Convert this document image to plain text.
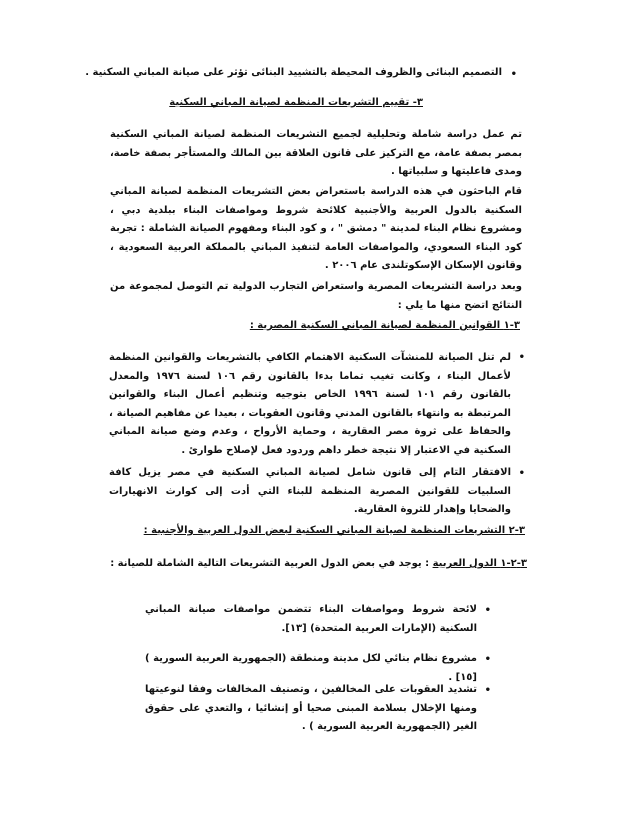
•
التصميم البنائى والظروف المحيطة بالتشييد البنائى تؤثر على صيانة المباني السكنية .
٣- تقييم التشريعات المنظمة لصيانة المباني السكنية

تم عمل دراسة شاملة وتحليلية لجميع التشريعات المنظمة لصيانة المباني السكنية بمصر بصفة عامة، مع التركيز على قانون العلاقة بين المالك والمستأجر بصفة خاصة، ومدى فاعليتها و سلبياتها .

قام الباحثون في هذه الدراسة باستعراض بعض التشريعات المنظمة لصيانة المباني السكنية بالدول العربية والأجنبية كلائحة شروط ومواصفات البناء ببلدية دبي ، ومشروع نظام البناء لمدينة " دمشق " ، و كود البناء ومفهوم الصيانة الشاملة : تجربة كود البناء السعودي، والمواصفات العامة لتنفيذ المباني بالمملكة العربية السعودية ، وقانون الإسكان الإسكوتلندى عام ٢٠٠٦ .

وبعد دراسة التشريعات المصرية واستعراض التجارب الدولية تم التوصل لمجموعة من النتائج اتضح منها ما يلي :

٣-١ القوانين المنظمة لصيانة المباني السكنية المصرية :
•
لم تنل الصيانة للمنشآت السكنية الاهتمام الكافي بالتشريعات والقوانين المنظمة لأعمال البناء ، وكانت تغيب تماما بدءا بالقانون رقم ١٠٦ لسنة ١٩٧٦ والمعدل بالقانون رقم ١٠١ لسنة ١٩٩٦ الخاص بتوجيه وتنظيم أعمال البناء والقوانين المرتبطة به وانتهاء بالقانون المدني وقانون العقوبات ، بعيدا عن مفاهيم الصيانة ، والحفاظ على ثروة مصر العقارية ، وحماية الأرواح ، وعدم وضع صيانة المباني السكنية في الاعتبار إلا نتيجة خطر داهم وردود فعل لإصلاح طوارئ .
•
الافتقار التام إلى قانون شامل لصيانة المباني السكنية في مصر يزيل كافة السلبيات للقوانين المصرية المنظمة للبناء التي أدت إلى كوارث الانهيارات والضحايا وإهدار للثروة العقارية.
٣-٢ التشريعات المنظمة لصيانة المباني السكنية لبعض الدول العربية والأجنبية :
٣-٢-١ الدول العربية : يوجد في بعض الدول العربية التشريعات التالية الشاملة للصيانة :
•
لائحة شروط ومواصفات البناء تتضمن مواصفات صيانة المباني السكنية (الإمارات العربية المتحدة) [١٣].
•
مشروع نظام بنائي لكل مدينة ومنطقة (الجمهورية العربية السورية ) [١٥] .
•
تشديد العقوبات على المخالفين ، وتصنيف المخالفات وفقا لنوعيتها ومنها الإخلال بسلامة المبنى صحيا أو إنشائيا ، والتعدي على حقوق الغير (الجمهورية العربية السورية ) .
